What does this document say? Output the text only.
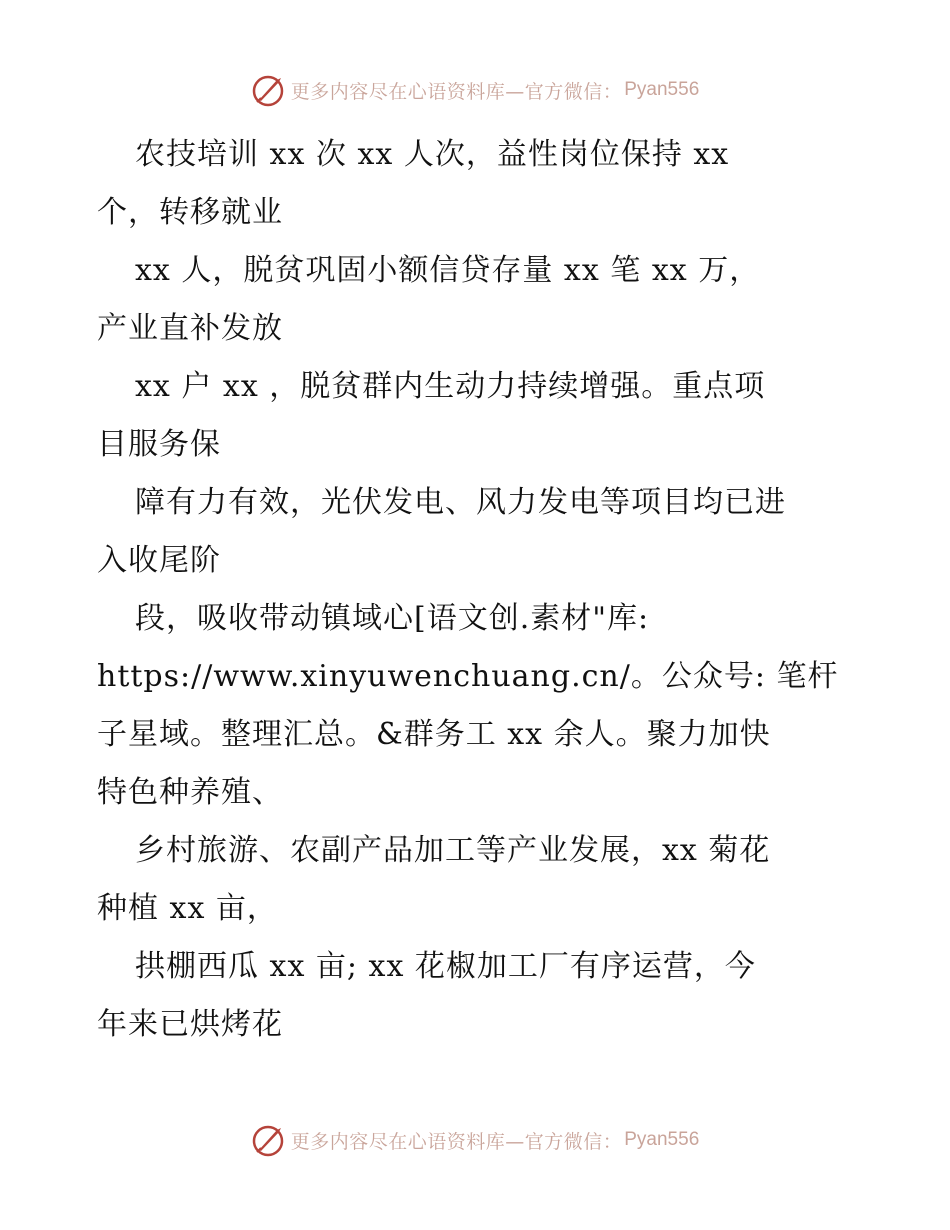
更多内容尽在心语资料库—官方微信： Pyan556
农技培训 xx 次 xx 人次，益性岗位保持 xx
个，转移就业
xx 人，脱贫巩固小额信贷存量 xx 笔 xx 万，
产业直补发放
xx 户 xx ，脱贫群内生动力持续增强。重点项
目服务保
障有力有效，光伏发电、风力发电等项目均已进
入收尾阶
段，吸收带动镇域心[语文创.素材"库:
https://www.xinyuwenchuang.cn/。公众号: 笔杆
子星域。整理汇总。&群务工 xx 余人。聚力加快
特色种养殖、
乡村旅游、农副产品加工等产业发展，xx 菊花
种植 xx 亩，
拱棚西瓜 xx 亩; xx 花椒加工厂有序运营，今
年来已烘烤花
更多内容尽在心语资料库—官方微信： Pyan556
